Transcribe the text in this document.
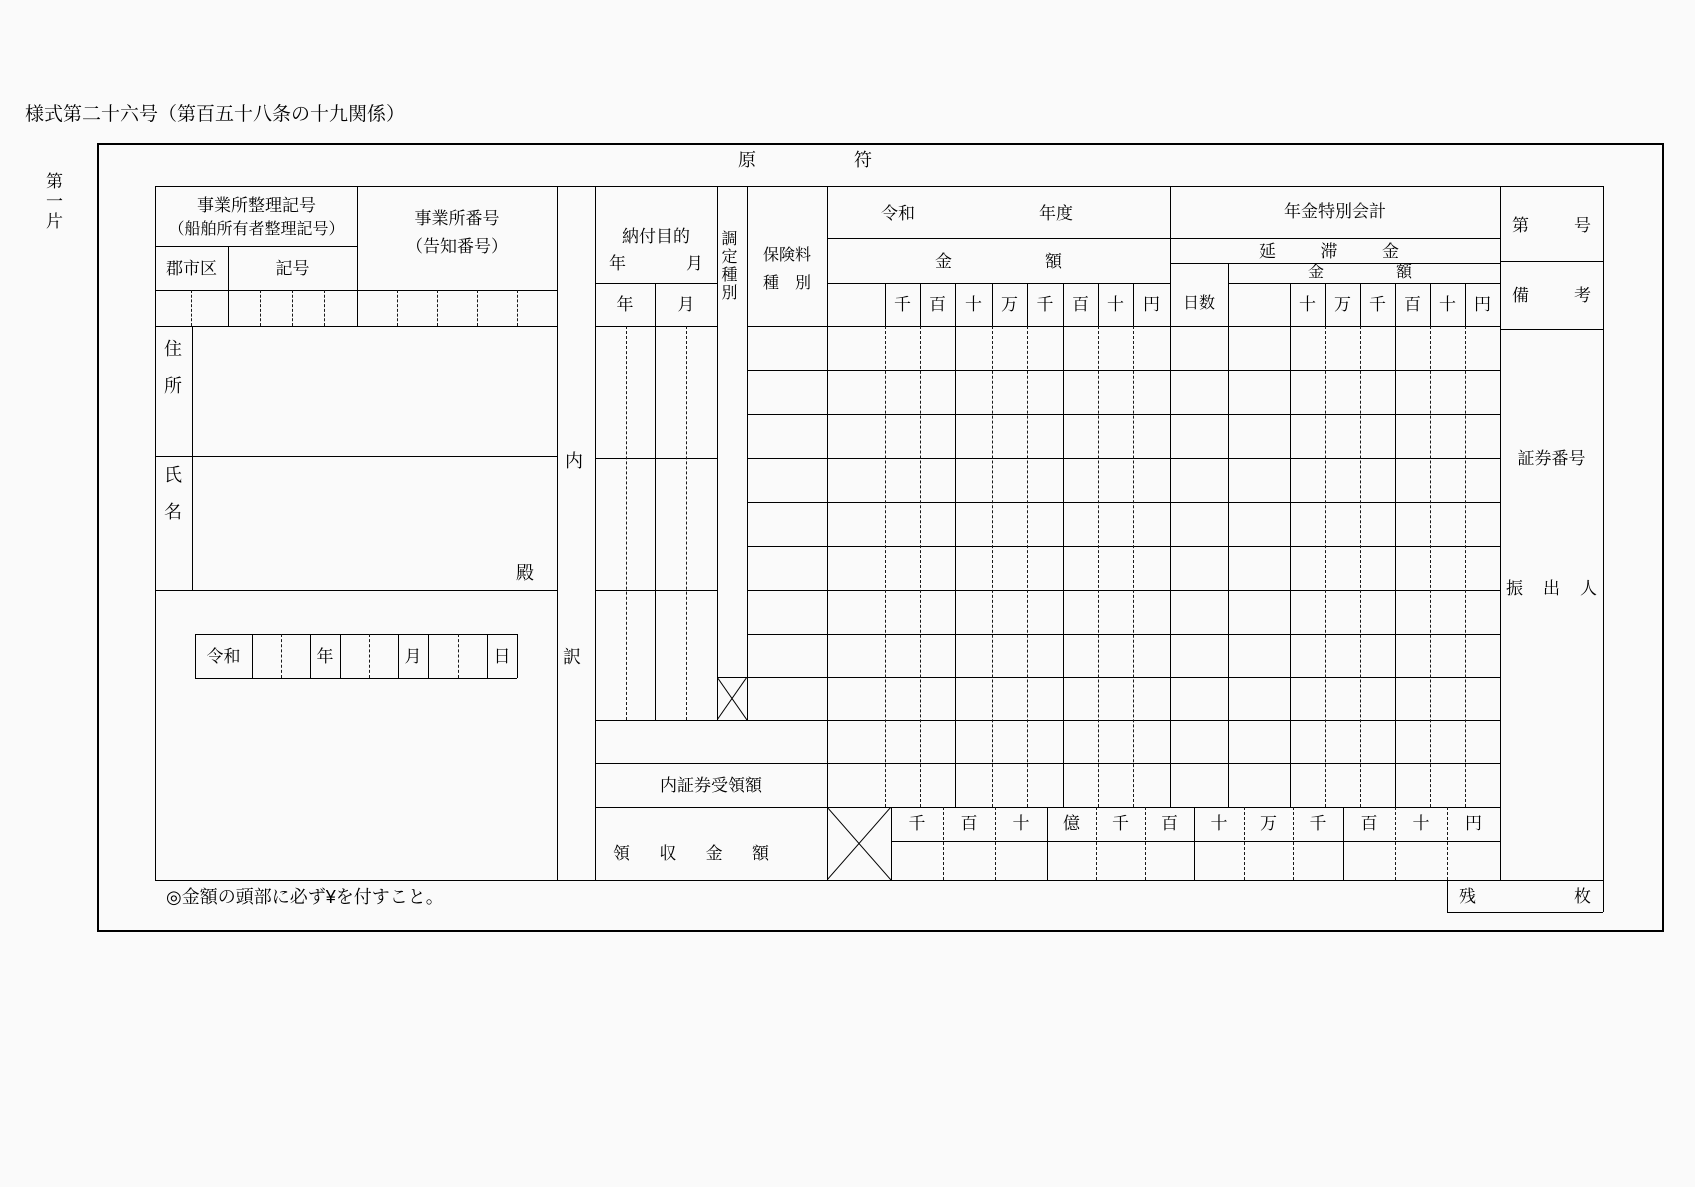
様式第二十六号（第百五十八条の十九関係）
第一片
原	符
事業所整理記号
（船舶所有者整理記号）
郡市区	記号
事業所番号
（告知番号）
住
所
氏
名
殿
令和	年	月	日
内
訳
納付目的
年	月
年	月
調定種別	保険料
種　別
令和	年度
金	額
千	百	十	万	千	百	十	円
年金特別会計
延	滞	金
日数
金	額
十	万	千	百	十	円
内証券受領額
領 収 金 額
千	百	十	億	千	百	十	万	千	百	十	円
第	号
備	考
証券番号
振 出 人
残	枚
◎金額の頭部に必ず¥を付すこと。
